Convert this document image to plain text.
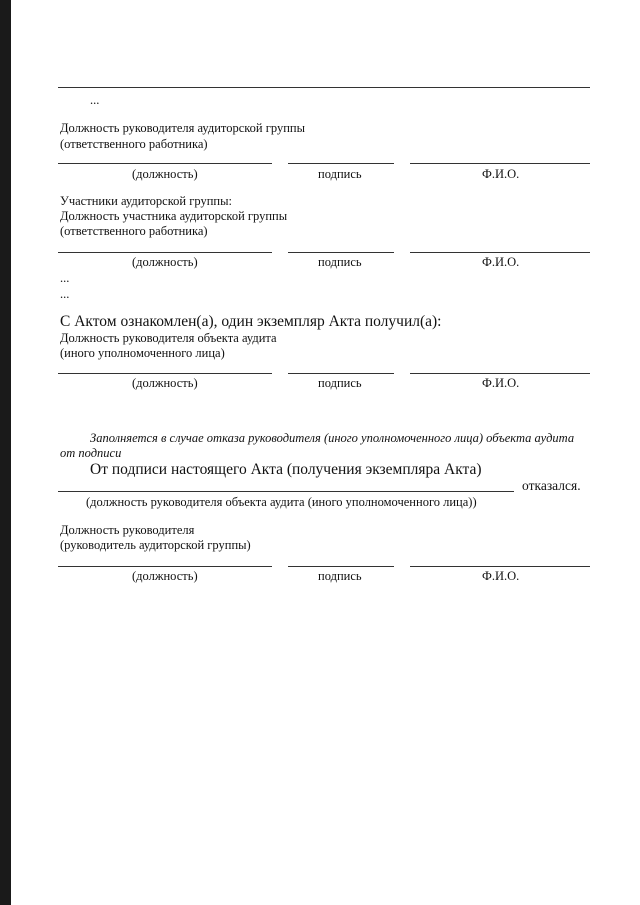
...
Должность руководителя аудиторской группы
(ответственного работника)
(должность)	подпись	Ф.И.О.
Участники аудиторской группы:
Должность участника аудиторской группы
(ответственного работника)
(должность)	подпись	Ф.И.О.
...
...
С Актом ознакомлен(а), один экземпляр Акта получил(а):
Должность руководителя объекта аудита
(иного уполномоченного лица)
(должность)	подпись	Ф.И.О.
Заполняется в случае отказа руководителя (иного уполномоченного лица) объекта аудита
от подписи
От подписи настоящего Акта (получения экземпляра Акта)
отказался.
(должность руководителя объекта аудита (иного уполномоченного лица))
Должность руководителя
(руководитель аудиторской группы)
(должность)	подпись	Ф.И.О.
